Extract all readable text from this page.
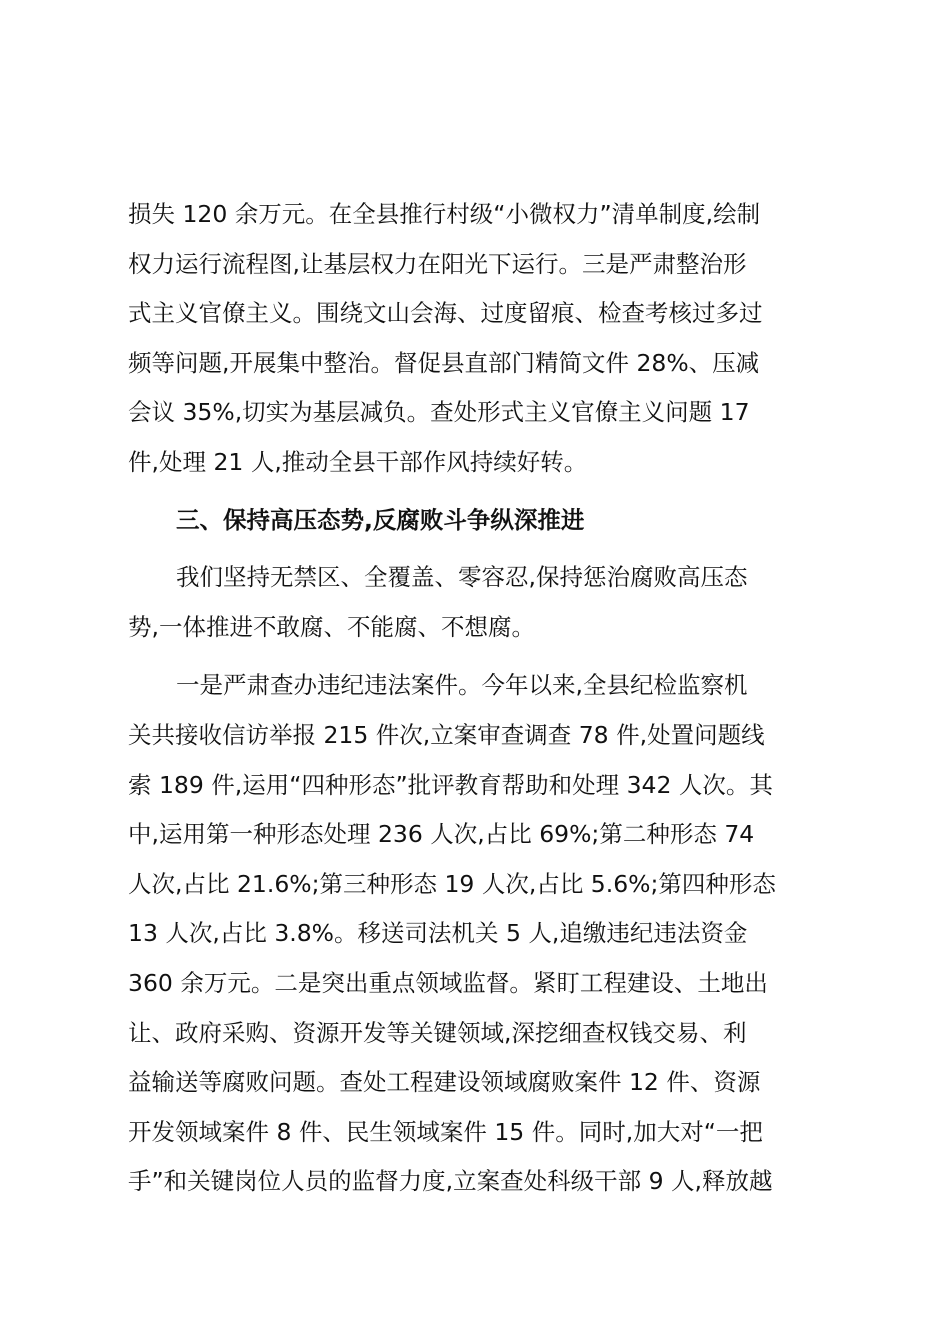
损失 120 余万元。在全县推行村级“小微权力”清单制度,绘制
权力运行流程图,让基层权力在阳光下运行。三是严肃整治形
式主义官僚主义。围绕文山会海、过度留痕、检查考核过多过
频等问题,开展集中整治。督促县直部门精简文件 28%、压减
会议 35%,切实为基层减负。查处形式主义官僚主义问题 17
件,处理 21 人,推动全县干部作风持续好转。
三、保持高压态势,反腐败斗争纵深推进
我们坚持无禁区、全覆盖、零容忍,保持惩治腐败高压态
势,一体推进不敢腐、不能腐、不想腐。
一是严肃查办违纪违法案件。今年以来,全县纪检监察机
关共接收信访举报 215 件次,立案审查调查 78 件,处置问题线
索 189 件,运用“四种形态”批评教育帮助和处理 342 人次。其
中,运用第一种形态处理 236 人次,占比 69%;第二种形态 74
人次,占比 21.6%;第三种形态 19 人次,占比 5.6%;第四种形态
13 人次,占比 3.8%。移送司法机关 5 人,追缴违纪违法资金
360 余万元。二是突出重点领域监督。紧盯工程建设、土地出
让、政府采购、资源开发等关键领域,深挖细查权钱交易、利
益输送等腐败问题。查处工程建设领域腐败案件 12 件、资源
开发领域案件 8 件、民生领域案件 15 件。同时,加大对“一把
手”和关键岗位人员的监督力度,立案查处科级干部 9 人,释放越
